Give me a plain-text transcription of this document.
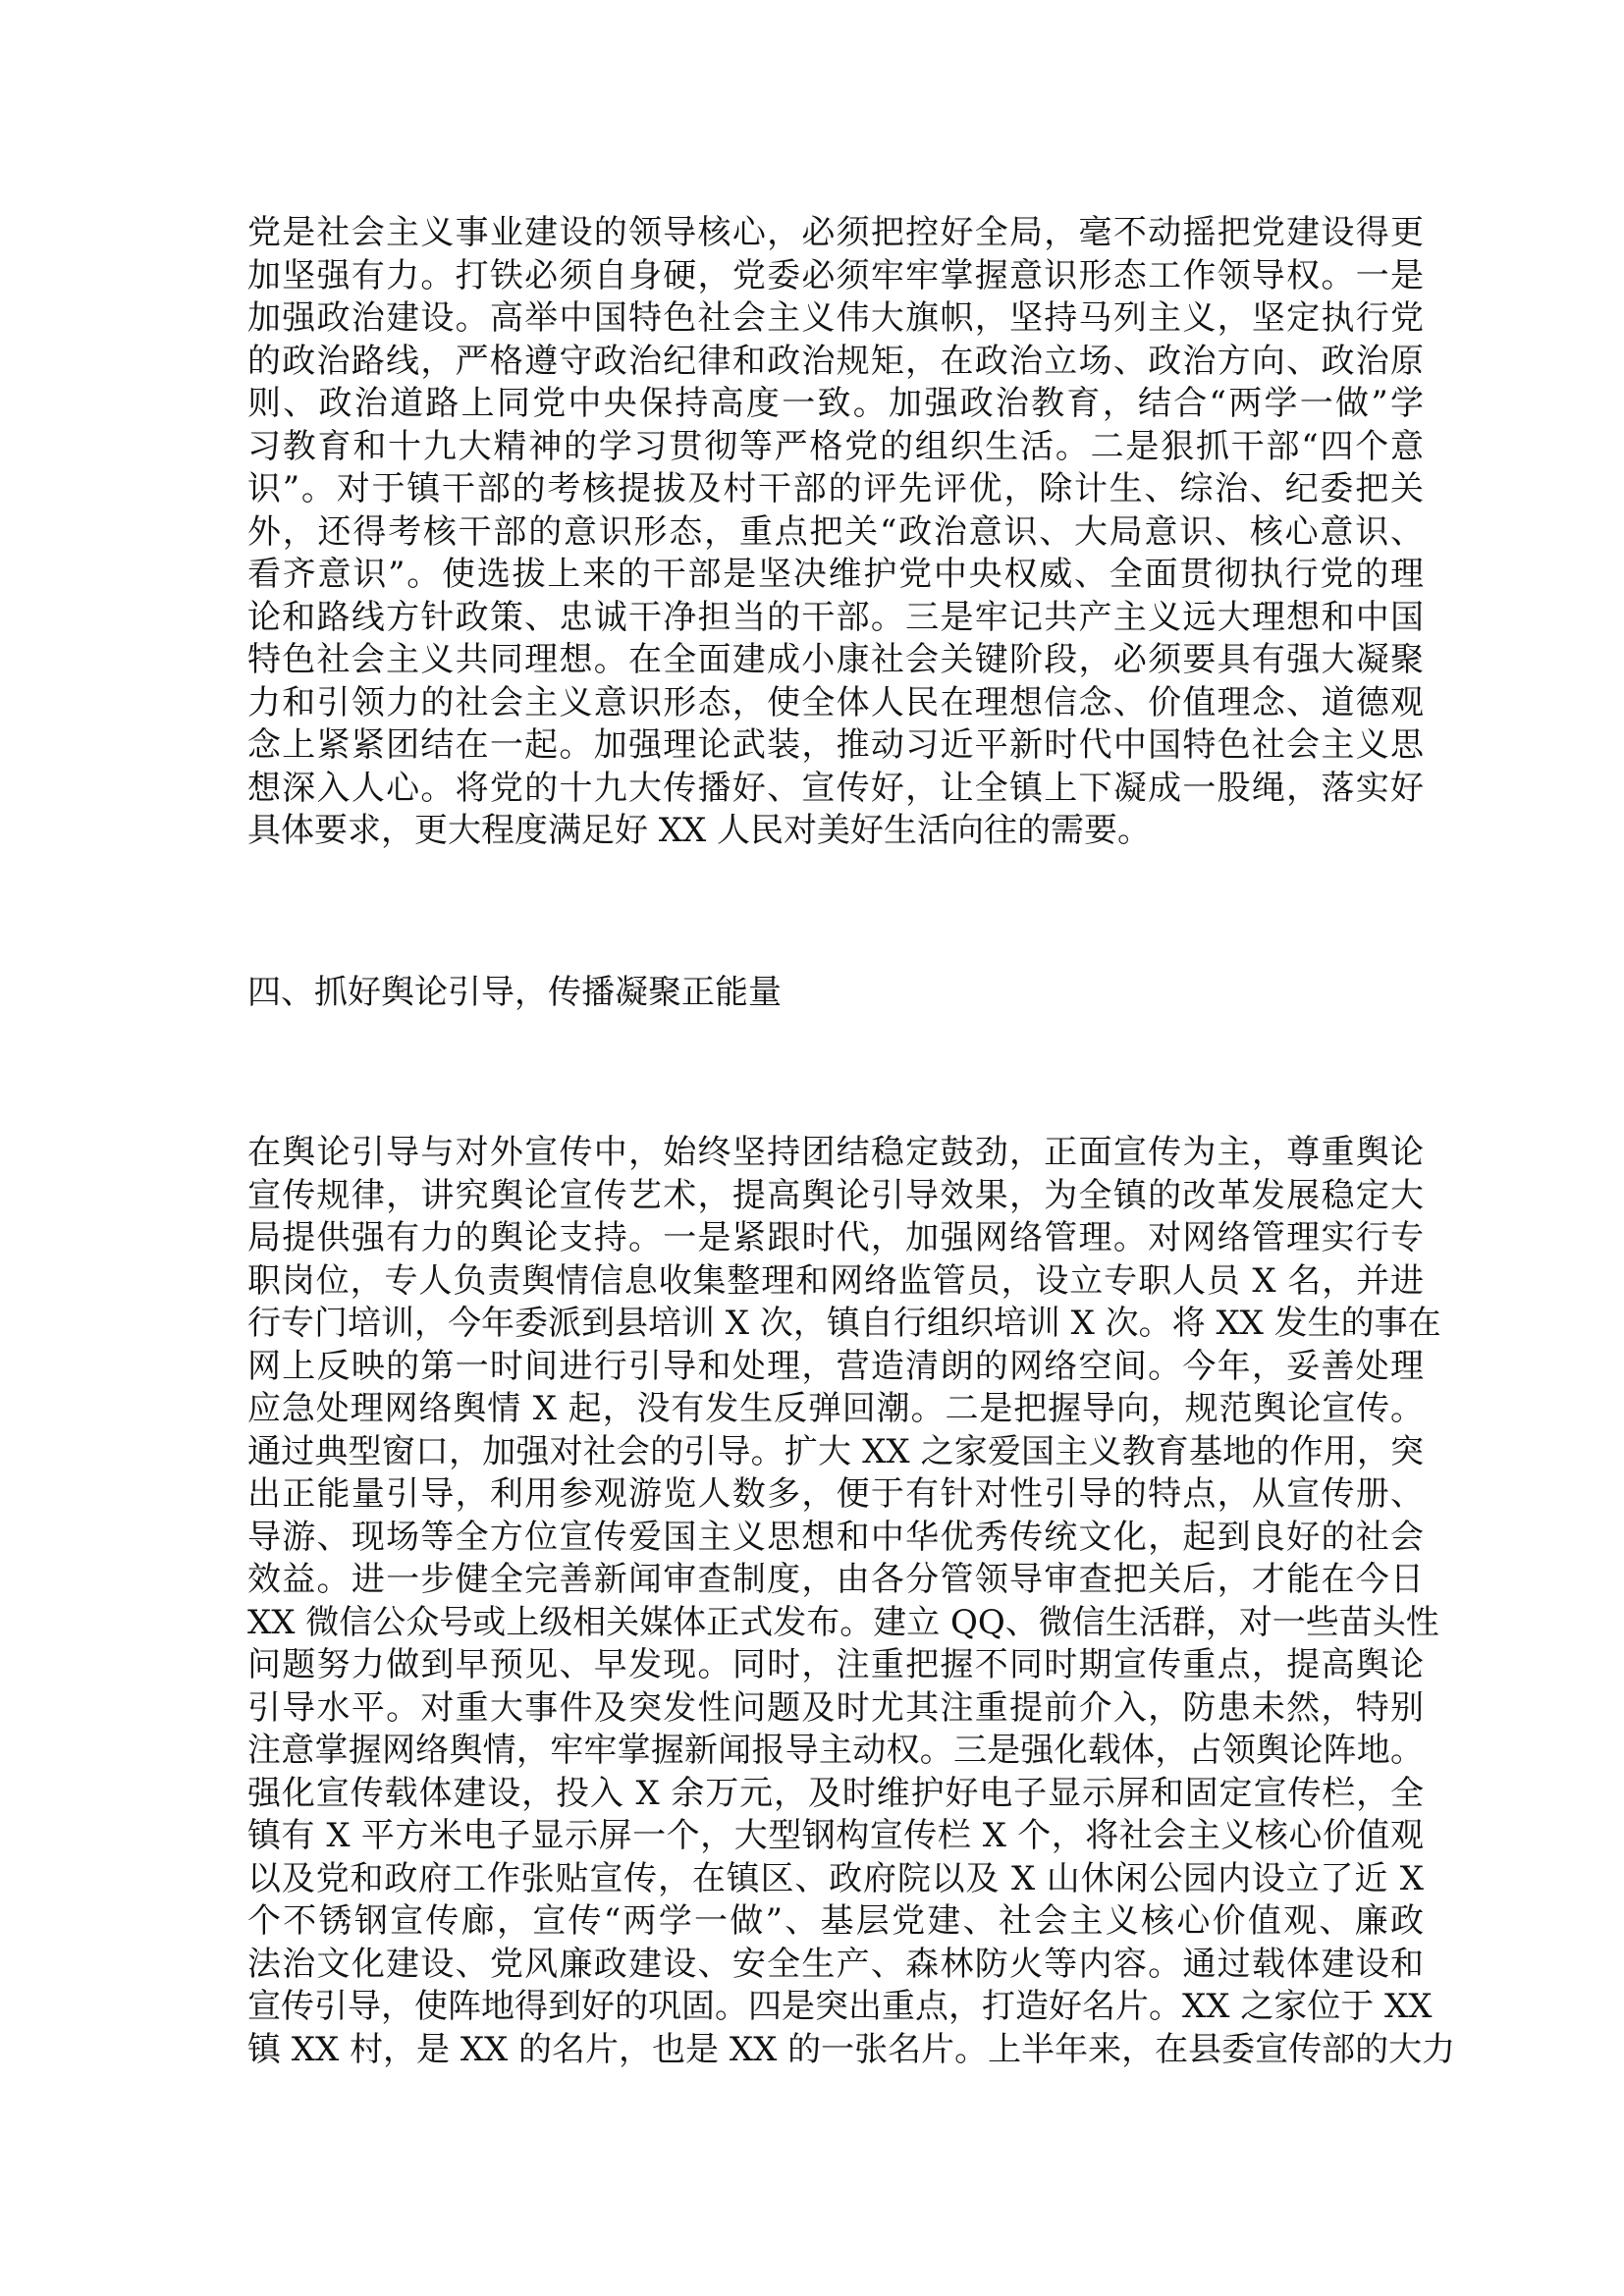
党是社会主义事业建设的领导核心，必须把控好全局，毫不动摇把党建设得更
加坚强有力。打铁必须自身硬，党委必须牢牢掌握意识形态工作领导权。一是
加强政治建设。高举中国特色社会主义伟大旗帜，坚持马列主义，坚定执行党
的政治路线，严格遵守政治纪律和政治规矩，在政治立场、政治方向、政治原
则、政治道路上同党中央保持高度一致。加强政治教育，结合“两学一做”学
习教育和十九大精神的学习贯彻等严格党的组织生活。二是狠抓干部“四个意
识”。对于镇干部的考核提拔及村干部的评先评优，除计生、综治、纪委把关
外，还得考核干部的意识形态，重点把关“政治意识、大局意识、核心意识、
看齐意识”。使选拔上来的干部是坚决维护党中央权威、全面贯彻执行党的理
论和路线方针政策、忠诚干净担当的干部。三是牢记共产主义远大理想和中国
特色社会主义共同理想。在全面建成小康社会关键阶段，必须要具有强大凝聚
力和引领力的社会主义意识形态，使全体人民在理想信念、价值理念、道德观
念上紧紧团结在一起。加强理论武装，推动习近平新时代中国特色社会主义思
想深入人心。将党的十九大传播好、宣传好，让全镇上下凝成一股绳，落实好
具体要求，更大程度满足好 XX 人民对美好生活向往的需要。
四、抓好舆论引导，传播凝聚正能量
在舆论引导与对外宣传中，始终坚持团结稳定鼓劲，正面宣传为主，尊重舆论
宣传规律，讲究舆论宣传艺术，提高舆论引导效果，为全镇的改革发展稳定大
局提供强有力的舆论支持。一是紧跟时代，加强网络管理。对网络管理实行专
职岗位，专人负责舆情信息收集整理和网络监管员，设立专职人员 X 名，并进
行专门培训，今年委派到县培训 X 次，镇自行组织培训 X 次。将 XX 发生的事在
网上反映的第一时间进行引导和处理，营造清朗的网络空间。今年，妥善处理
应急处理网络舆情 X 起，没有发生反弹回潮。二是把握导向，规范舆论宣传。
通过典型窗口，加强对社会的引导。扩大 XX 之家爱国主义教育基地的作用，突
出正能量引导，利用参观游览人数多，便于有针对性引导的特点，从宣传册、
导游、现场等全方位宣传爱国主义思想和中华优秀传统文化，起到良好的社会
效益。进一步健全完善新闻审查制度，由各分管领导审查把关后，才能在今日
XX 微信公众号或上级相关媒体正式发布。建立 QQ、微信生活群，对一些苗头性
问题努力做到早预见、早发现。同时，注重把握不同时期宣传重点，提高舆论
引导水平。对重大事件及突发性问题及时尤其注重提前介入，防患未然，特别
注意掌握网络舆情，牢牢掌握新闻报导主动权。三是强化载体，占领舆论阵地。
强化宣传载体建设，投入 X 余万元，及时维护好电子显示屏和固定宣传栏，全
镇有 X 平方米电子显示屏一个，大型钢构宣传栏 X 个，将社会主义核心价值观
以及党和政府工作张贴宣传，在镇区、政府院以及 X 山休闲公园内设立了近 X
个不锈钢宣传廊，宣传“两学一做”、基层党建、社会主义核心价值观、廉政
法治文化建设、党风廉政建设、安全生产、森林防火等内容。通过载体建设和
宣传引导，使阵地得到好的巩固。四是突出重点，打造好名片。XX 之家位于 XX
镇 XX 村，是 XX 的名片，也是 XX 的一张名片。上半年来，在县委宣传部的大力
